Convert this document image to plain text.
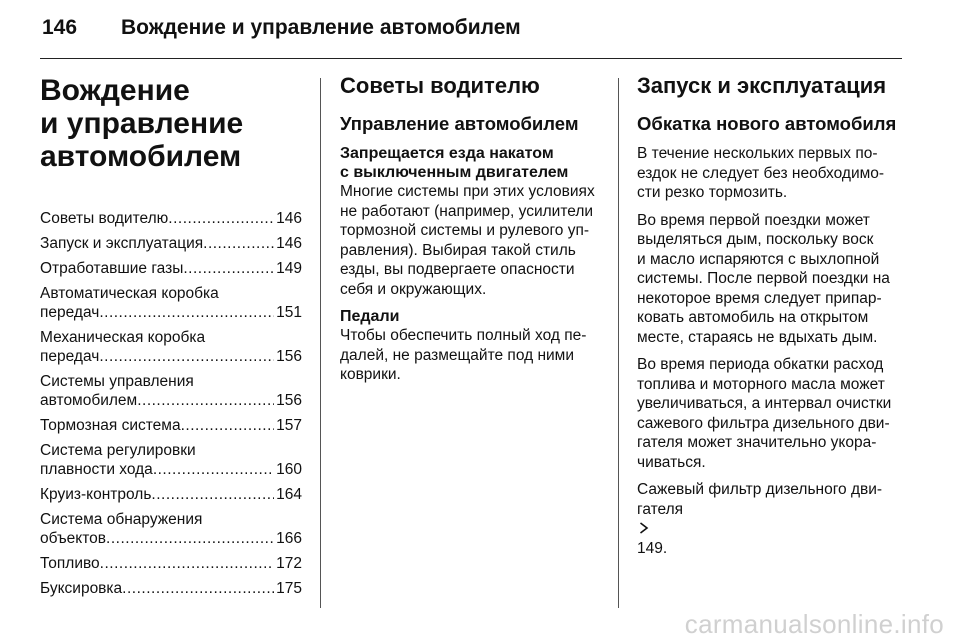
146 Вождение и управление автомобилем
Вождение
и управление
автомобилем
Советы водителю .....	146
Запуск и эксплуатация .....	146
Отработавшие газы .....	149
Автоматическая коробка
передач .....	151
Механическая коробка
передач .....	156
Системы управления
автомобилем .....	156
Тормозная система .....	157
Система регулировки
плавности хода .....	160
Круиз-контроль .....	164
Система обнаружения
объектов .....	166
Топливо .....	172
Буксировка .....	175
Советы водителю
Управление автомобилем
Запрещается езда накатом
с выключенным двигателем

Многие системы при этих условиях
не работают (например, усилители
тормозной системы и рулевого уп-
равления). Выбирая такой стиль
езды, вы подвергаете опасности
себя и окружающих.

Педали

Чтобы обеспечить полный ход пе-
далей, не размещайте под ними
коврики.

Запуск и эксплуатация
Обкатка нового автомобиля

В течение нескольких первых по-
ездок не следует без необходимо-
сти резко тормозить.

Во время первой поездки может
выделяться дым, поскольку воск
и масло испаряются с выхлопной
системы. После первой поездки на
некоторое время следует припар-
ковать автомобиль на открытом
месте, стараясь не вдыхать дым.

Во время периода обкатки расход
топлива и моторного масла может
увеличиваться, а интервал очистки
сажевого фильтра дизельного дви-
гателя может значительно укора-
чиваться.

Сажевый фильтр дизельного дви-
гателя
149.

carmanualsonline.info
